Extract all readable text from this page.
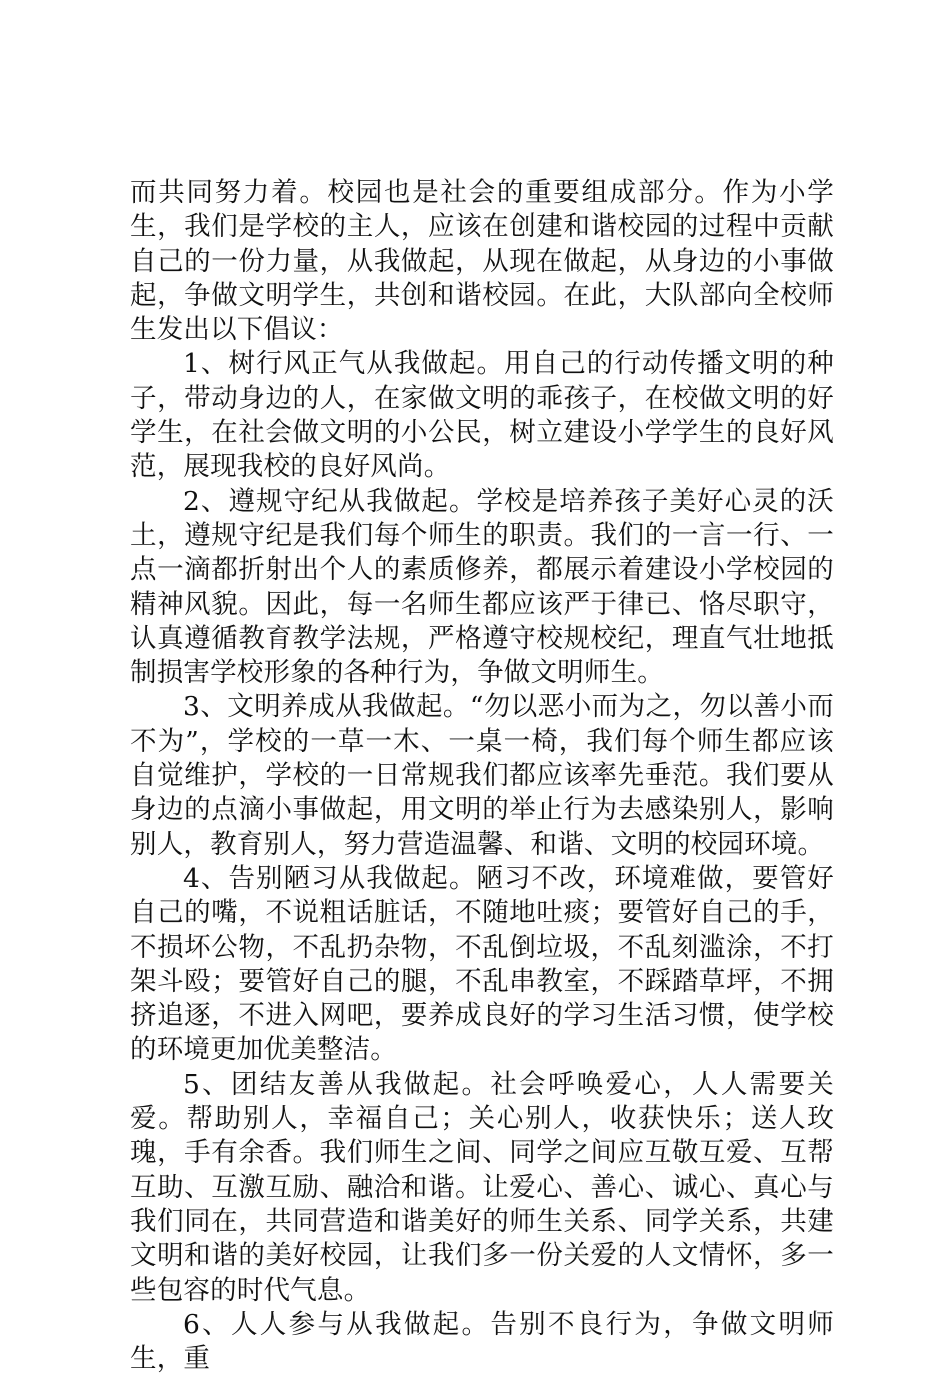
而共同努力着。校园也是社会的重要组成部分。作为小学生，我们是学校的主人，应该在创建和谐校园的过程中贡献自己的一份力量，从我做起，从现在做起，从身边的小事做起，争做文明学生，共创和谐校园。在此，大队部向全校师生发出以下倡议：

1、树行风正气从我做起。用自己的行动传播文明的种子，带动身边的人，在家做文明的乖孩子，在校做文明的好学生，在社会做文明的小公民，树立建设小学学生的良好风范，展现我校的良好风尚。

2、遵规守纪从我做起。学校是培养孩子美好心灵的沃土，遵规守纪是我们每个师生的职责。我们的一言一行、一点一滴都折射出个人的素质修养，都展示着建设小学校园的精神风貌。因此，每一名师生都应该严于律已、恪尽职守，认真遵循教育教学法规，严格遵守校规校纪，理直气壮地抵制损害学校形象的各种行为，争做文明师生。

3、文明养成从我做起。“勿以恶小而为之，勿以善小而不为”，学校的一草一木、一桌一椅，我们每个师生都应该自觉维护，学校的一日常规我们都应该率先垂范。我们要从身边的点滴小事做起，用文明的举止行为去感染别人，影响别人，教育别人，努力营造温馨、和谐、文明的校园环境。

4、告别陋习从我做起。陋习不改，环境难做，要管好自己的嘴，不说粗话脏话，不随地吐痰；要管好自己的手，不损坏公物，不乱扔杂物，不乱倒垃圾，不乱刻滥涂，不打架斗殴；要管好自己的腿，不乱串教室，不踩踏草坪，不拥挤追逐，不进入网吧，要养成良好的学习生活习惯，使学校的环境更加优美整洁。

5、团结友善从我做起。社会呼唤爱心，人人需要关爱。帮助别人，幸福自己；关心别人，收获快乐；送人玫瑰，手有余香。我们师生之间、同学之间应互敬互爱、互帮互助、互激互励、融洽和谐。让爱心、善心、诚心、真心与我们同在，共同营造和谐美好的师生关系、同学关系，共建文明和谐的美好校园，让我们多一份关爱的人文情怀，多一些包容的时代气息。

6、人人参与从我做起。告别不良行为，争做文明师生，重
